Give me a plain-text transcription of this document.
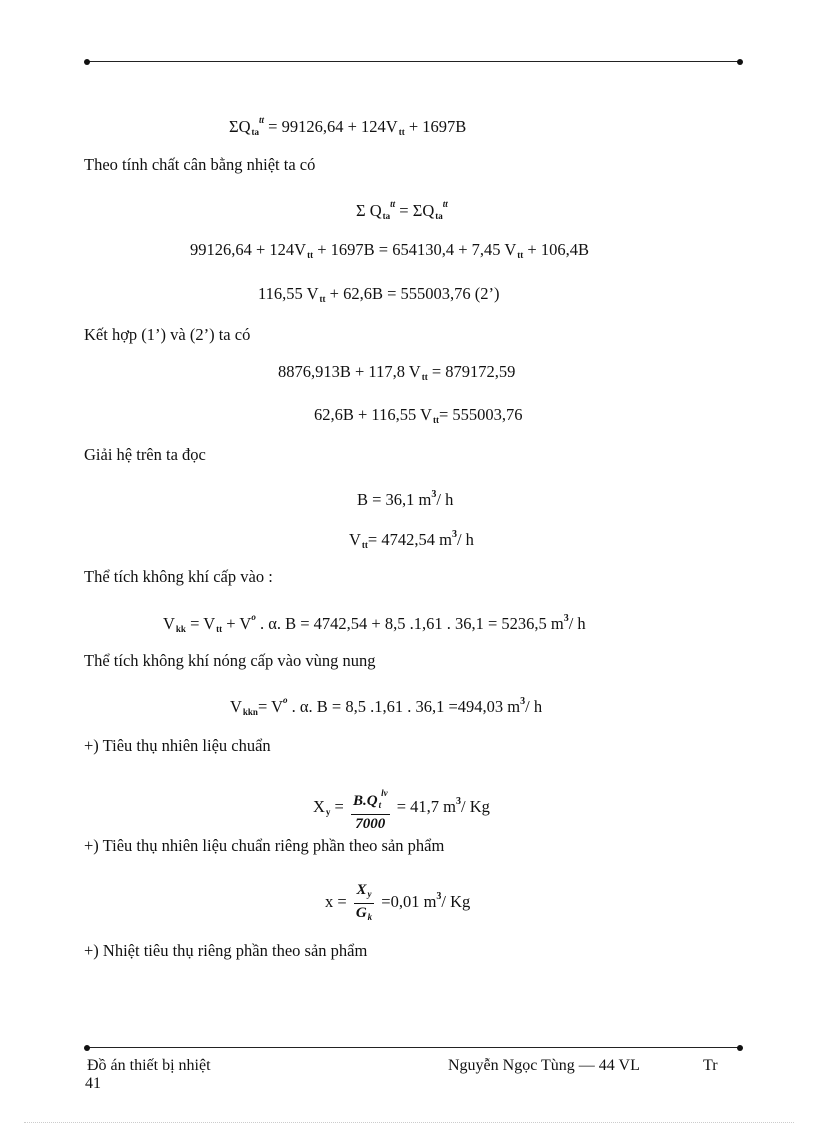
$\Sigma Q_{ta}^{tt} = 99126,64 + 124V_{tt} + 1697B$
Theo tính chất cân bằng nhiệt ta có
Σ $Q_{ta}^{tt} = \Sigma Q_{ta}^{tt}$
$99126,64 + 124V_{tt} + 1697B = 654130,4 + 7,45$ $V_{tt} + 106,4B$
116,55 $V_{tt} + 62,6B = 555003,76$ (2’)
Kết hợp (1’) và (2’) ta có
8876,913B + 117,8 $V_{tt} = 879172,59$
62,6B + 116,55 $V_{tt}= 555003,76$
Giải hệ trên ta đọc
B = 36,1 $m^3/$ h
$V_{tt}= 4742,54$ $m^3/$ h
Thể tích không khí cấp vào :
$V_{kk} = V_{tt} + V^o$ . α. B = 4742,54 + 8,5 .1,61 . 36,1 = 5236,5 $m^3/$ h
Thể tích không khí nóng cấp vào vùng nung
$V_{kkn}= V^o$ . α. B = 8,5 .1,61 . 36,1 =494,03 $m^3/$ h
+) Tiêu thụ nhiên liệu chuẩn
$X_y = \frac{B.Q_t^{lv}}{7000} = 41,7$ $m^3/$ Kg
+) Tiêu thụ nhiên liệu chuẩn riêng phần theo sản phẩm
$x = \frac{X_y}{G_k} =0,01$ $m^3/$ Kg
+) Nhiệt tiêu thụ riêng phần theo sản phẩm
Đồ án thiết bị nhiệt	Nguyễn Ngọc Tùng — 44 VL	Tr
41
